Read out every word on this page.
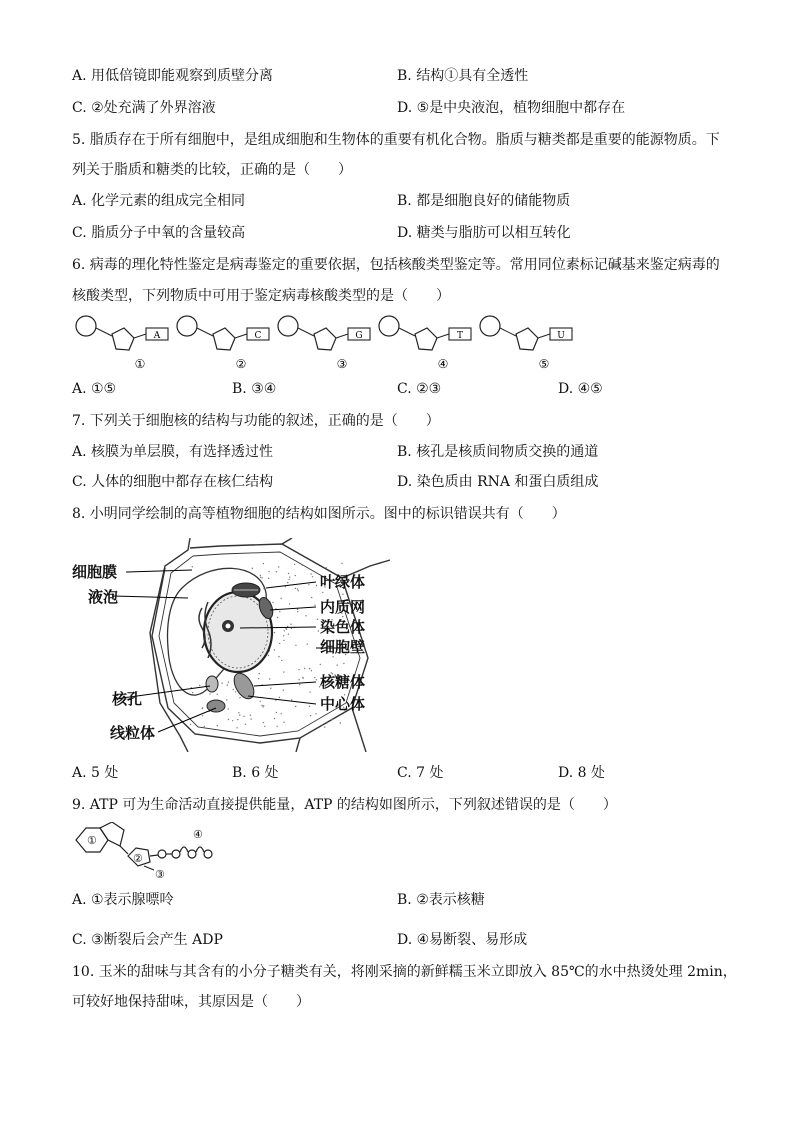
A. 用低倍镜即能观察到质壁分离	B. 结构①具有全透性
C. ②处充满了外界溶液	D. ⑤是中央液泡，植物细胞中都存在
5. 脂质存在于所有细胞中，是组成细胞和生物体的重要有机化合物。脂质与糖类都是重要的能源物质。下
列关于脂质和糖类的比较，正确的是（　　）
A. 化学元素的组成完全相同	B. 都是细胞良好的储能物质
C. 脂质分子中氧的含量较高	D. 糖类与脂肪可以相互转化
6. 病毒的理化特性鉴定是病毒鉴定的重要依据，包括核酸类型鉴定等。常用同位素标记碱基来鉴定病毒的
核酸类型，下列物质中可用于鉴定病毒核酸类型的是（　　）
A
①
C
②
G
③
T
④
U
⑤
A. ①⑤	B. ③④	C. ②③	D. ④⑤
7. 下列关于细胞核的结构与功能的叙述，正确的是（　　）
A. 核膜为单层膜，有选择透过性	B. 核孔是核质间物质交换的通道
C. 人体的细胞中都存在核仁结构	D. 染色质由 RNA 和蛋白质组成
8. 小明同学绘制的高等植物细胞的结构如图所示。图中的标识错误共有（　　）
细胞膜
液泡
核孔
线粒体
叶绿体
内质网
染色体
细胞壁
核糖体
中心体
A. 5 处	B. 6 处	C. 7 处	D. 8 处
9. ATP 可为生命活动直接提供能量，ATP 的结构如图所示，下列叙述错误的是（　　）
①
②
③
④
A. ①表示腺嘌呤	B. ②表示核糖
C. ③断裂后会产生 ADP	D. ④易断裂、易形成
10. 玉米的甜味与其含有的小分子糖类有关，将刚采摘的新鲜糯玉米立即放入 85℃的水中热烫处理 2min，
可较好地保持甜味，其原因是（　　）
